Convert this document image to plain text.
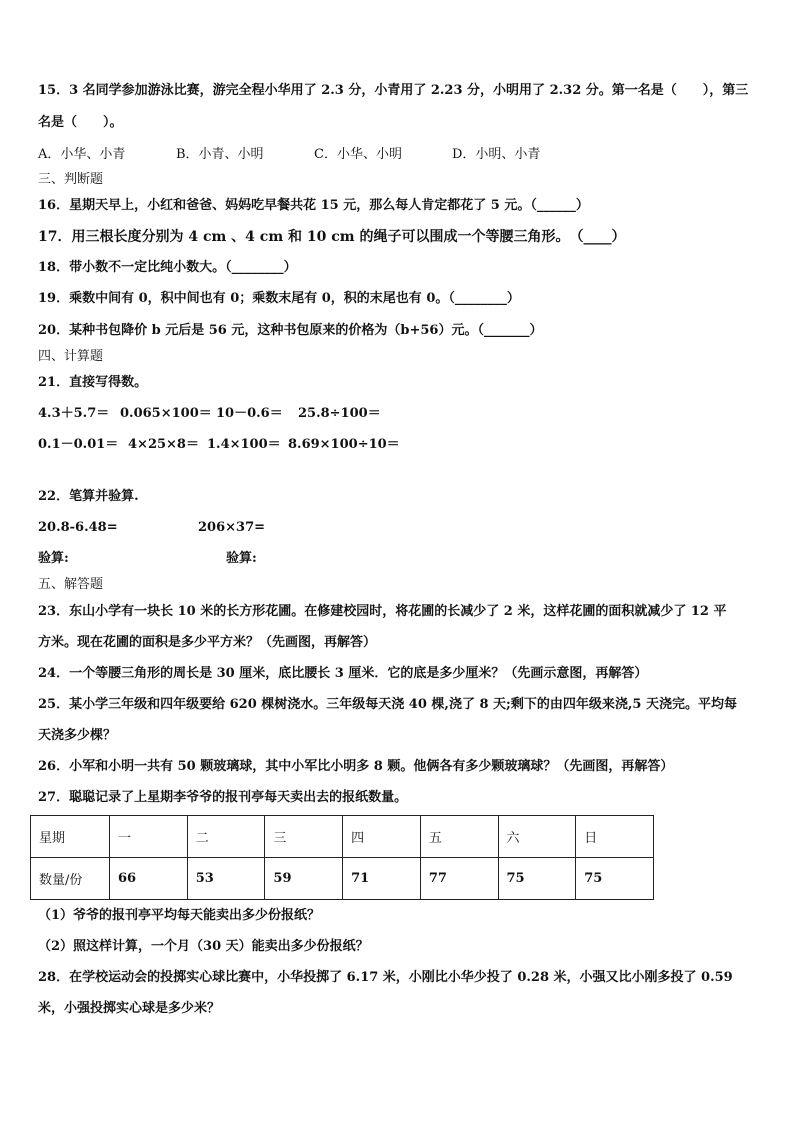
15．3 名同学参加游泳比赛，游完全程小华用了 2.3 分，小青用了 2.23 分，小明用了 2.32 分。第一名是（　　），第三
名是（　　）。
A．小华、小青	B．小青、小明	C．小华、小明	D．小明、小青
三、判断题
16．星期天早上，小红和爸爸、妈妈吃早餐共花 15 元，那么每人肯定都花了 5 元。（______）
17．用三根长度分别为 4 cm 、4 cm 和 10 cm 的绳子可以围成一个等腰三角形。　（____）
18．带小数不一定比纯小数大。（________）
19．乘数中间有 0，积中间也有 0；乘数末尾有 0，积的末尾也有 0。（________）
20．某种书包降价 b 元后是 56 元，这种书包原来的价格为（b+56）元。（_______）
四、计算题
21．直接写得数。
4.3＋5.7＝ 0.065×100＝ 10－0.6＝ 25.8÷100＝
0.1－0.01＝ 4×25×8＝ 1.4×100＝ 8.69×100÷10＝
22．笔算并验算.
20.8-6.48=	206×37=
验算:	验算:
五、解答题
23．东山小学有一块长 10 米的长方形花圃。在修建校园时，将花圃的长减少了 2 米，这样花圃的面积就减少了 12 平
方米。现在花圃的面积是多少平方米？（先画图，再解答）
24．一个等腰三角形的周长是 30 厘米，底比腰长 3 厘米．它的底是多少厘米？（先画示意图，再解答）
25．某小学三年级和四年级要给 620 棵树浇水。三年级每天浇 40 棵,浇了 8 天;剩下的由四年级来浇,5 天浇完。平均每
天浇多少棵？
26．小军和小明一共有 50 颗玻璃球，其中小军比小明多 8 颗。他俩各有多少颗玻璃球？（先画图，再解答）
27．聪聪记录了上星期李爷爷的报刊亭每天卖出去的报纸数量。
星期	一	二	三	四	五	六	日
数量/份	66	53	59	71	77	75	75
（1）爷爷的报刊亭平均每天能卖出多少份报纸？
（2）照这样计算，一个月（30 天）能卖出多少份报纸？
28．在学校运动会的投掷实心球比赛中，小华投掷了 6.17 米，小刚比小华少投了 0.28 米，小强又比小刚多投了 0.59
米，小强投掷实心球是多少米？
